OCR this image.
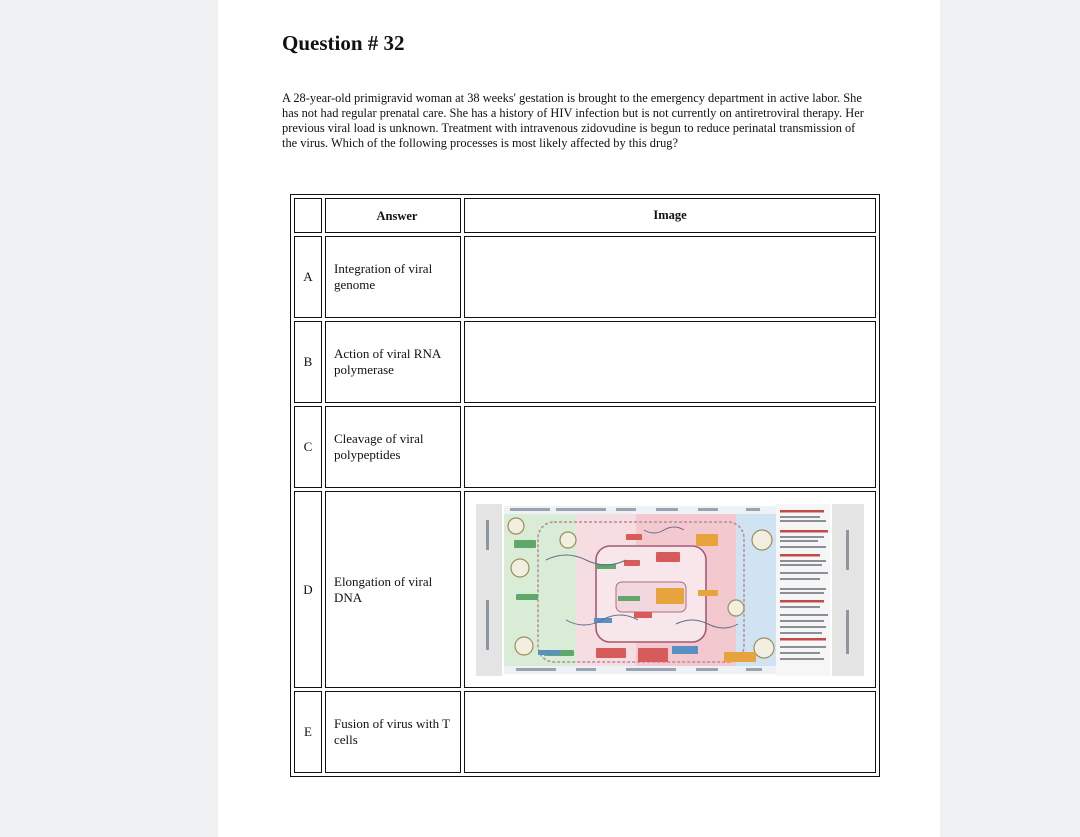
Question # 32

A 28-year-old primigravid woman at 38 weeks' gestation is brought to the emergency department in active labor. She has not had regular prenatal care. She has a history of HIV infection but is not currently on antiretroviral therapy. Her previous viral load is unknown. Treatment with intravenous zidovudine is begun to reduce perinatal transmission of the virus. Which of the following processes is most likely affected by this drug?

	Answer	Image
A	Integration of viral genome	

B	Action of viral RNA polymerase	

C	Cleavage of viral polypeptides	

D	Elongation of viral DNA

E	Fusion of virus with T cells	
